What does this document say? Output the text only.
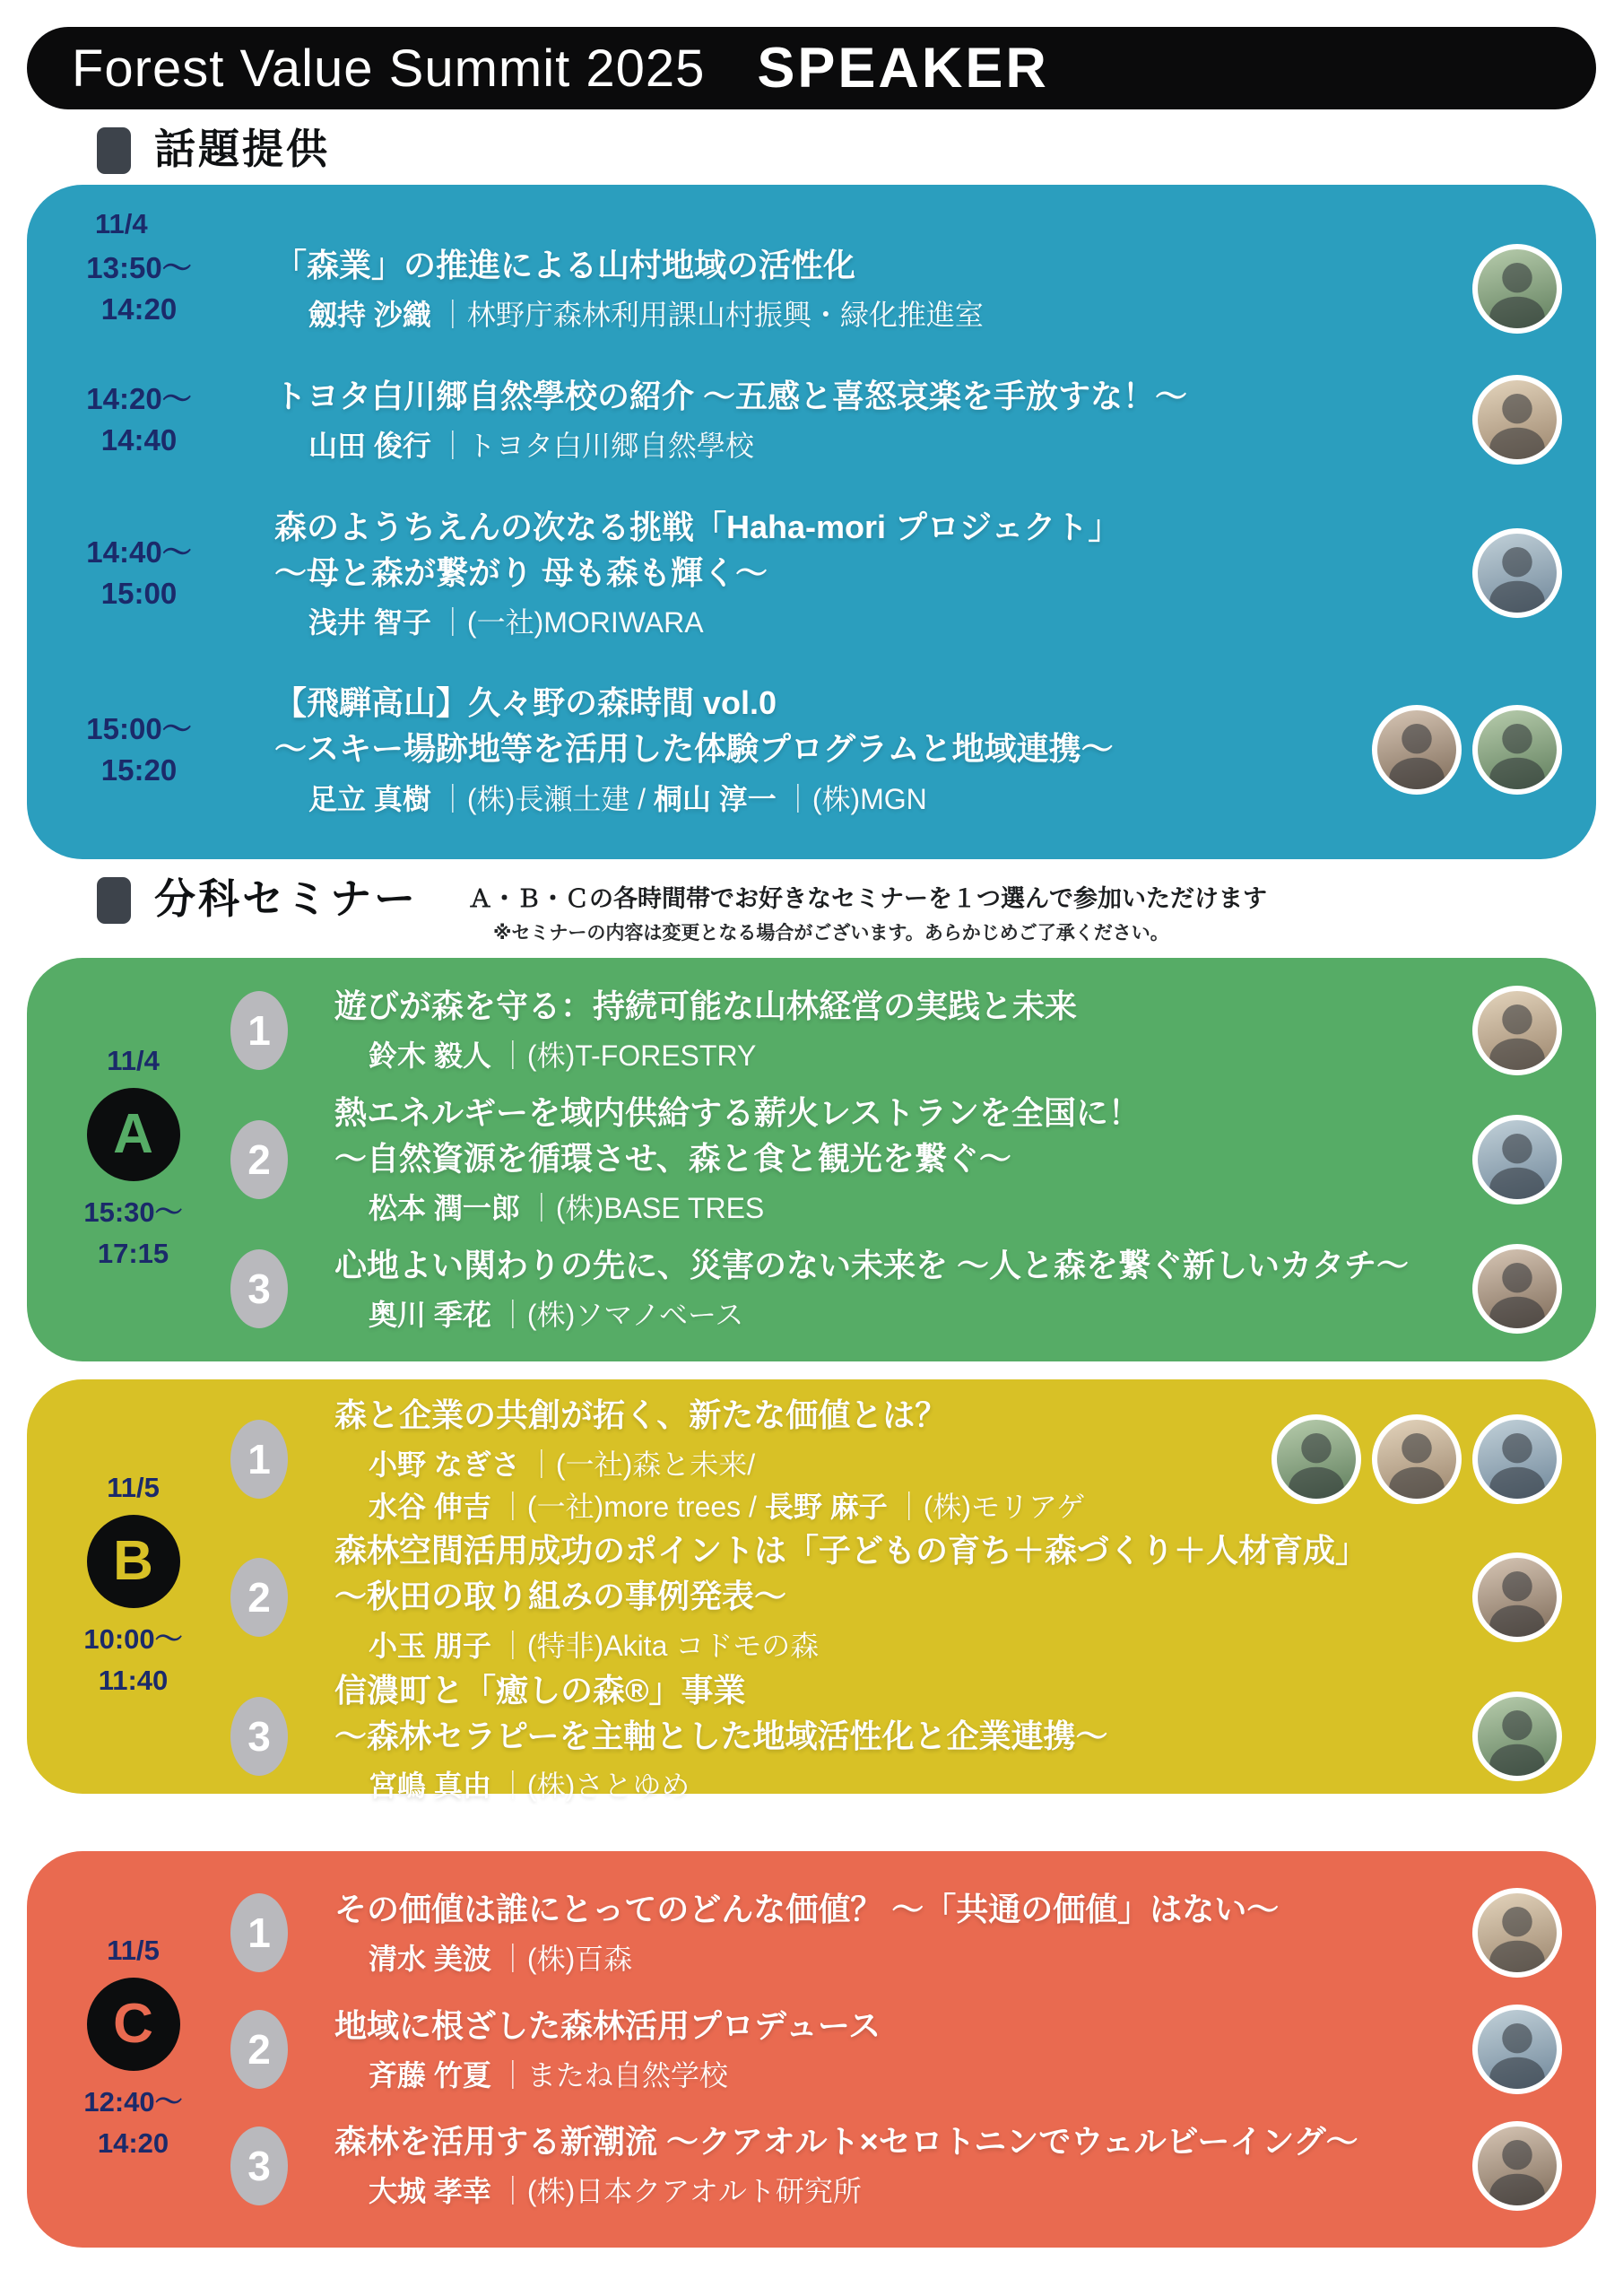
Forest Value Summit 2025 SPEAKER
話題提供
11/4
13:50～
14:20
「森業」の推進による山村地域の活性化
劔持 沙織 ｜林野庁森林利用課山村振興・緑化推進室
14:20～
14:40
トヨタ白川郷自然學校の紹介 ～五感と喜怒哀楽を手放すな！～
山田 俊行 ｜トヨタ白川郷自然學校
14:40～
15:00
森のようちえんの次なる挑戦「Haha-mori プロジェクト」
～母と森が繋がり 母も森も輝く～
浅井 智子 ｜(一社)MORIWARA
15:00～
15:20
【飛騨高山】久々野の森時間 vol.0
～スキー場跡地等を活用した体験プログラムと地域連携～
足立 真樹 ｜(株)長瀬土建 / 桐山 淳一 ｜(株)MGN
分科セミナー Ａ・Ｂ・Ｃの各時間帯でお好きなセミナーを１つ選んで参加いただけます
※セミナーの内容は変更となる場合がございます。あらかじめご了承ください。
11/4
A
15:30～
17:15
1
遊びが森を守る：持続可能な山林経営の実践と未来
鈴木 毅人 ｜(株)T-FORESTRY
2
熱エネルギーを域内供給する薪火レストランを全国に！
～自然資源を循環させ、森と食と観光を繋ぐ～
松本 潤一郎 ｜(株)BASE TRES
3
心地よい関わりの先に、災害のない未来を ～人と森を繋ぐ新しいカタチ～
奥川 季花 ｜(株)ソマノベース
11/5
B
10:00～
11:40
1
森と企業の共創が拓く、新たな価値とは？
小野 なぎさ ｜(一社)森と未来/
水谷 伸吉 ｜(一社)more trees / 長野 麻子 ｜(株)モリアゲ
2
森林空間活用成功のポイントは「子どもの育ち＋森づくり＋人材育成」
～秋田の取り組みの事例発表～
小玉 朋子 ｜(特非)Akita コドモの森
3
信濃町と「癒しの森®」事業
～森林セラピーを主軸とした地域活性化と企業連携～
宮嶋 真由 ｜(株)さとゆめ
11/5
C
12:40～
14:20
1
その価値は誰にとってのどんな価値？ ～「共通の価値」はない～
清水 美波 ｜(株)百森
2
地域に根ざした森林活用プロデュース
斉藤 竹夏 ｜またね自然学校
3
森林を活用する新潮流 ～クアオルト×セロトニンでウェルビーイング～
大城 孝幸 ｜(株)日本クアオルト研究所
